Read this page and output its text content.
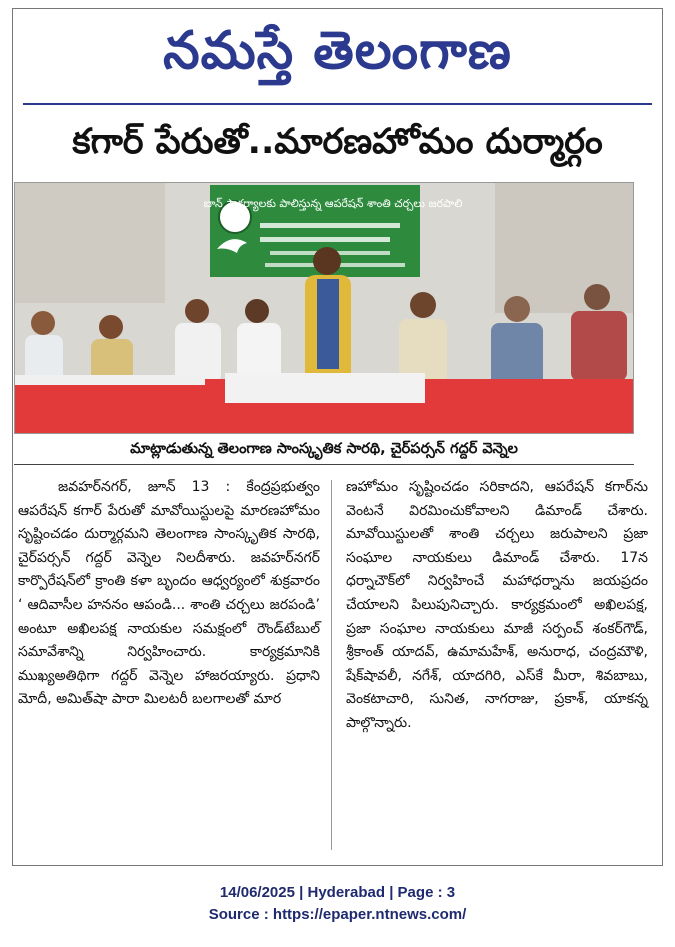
నమస్తే తెలంగాణ
కగార్ పేరుతో..మారణహోమం దుర్మార్గం
బాన్ సౌకర్యాలకు పాలిస్తున్న ఆపరేషన్ శాంతి చర్చలు జరపాలి
మాట్లాడుతున్న తెలంగాణ సాంస్కృతిక సారథి, చైర్‌పర్సన్ గద్దర్ వెన్నెల

జవహర్‌నగర్, జూన్ 13 : కేంద్రప్రభుత్వం ఆపరేషన్ కగార్ పేరుతో మావోయిస్టులపై మారణహోమం సృష్టించడం దుర్మార్గమని తెలంగాణ సాంస్కృతిక సారథి, చైర్‌పర్సన్ గద్దర్ వెన్నెల నిలదీశారు. జవహర్‌నగర్ కార్పొరేషన్‌లో క్రాంతి కళా బృందం ఆధ్వర్యంలో శుక్రవారం ‘ ఆదివాసీల హననం ఆపండి... శాంతి చర్చలు జరపండి’ అంటూ అఖిలపక్ష నాయకుల సమక్షంలో రౌండ్‌టేబుల్ సమావేశాన్ని నిర్వహించారు. కార్యక్రమానికి ముఖ్యఅతిథిగా గద్దర్ వెన్నెల హాజరయ్యారు. ప్రధాని మోదీ, అమిత్‌షా పారా మిలటరీ బలగాలతో మార

ణహోమం సృష్టించడం సరికాదని, ఆపరేషన్ కగార్‌ను వెంటనే విరమించుకోవాలని డిమాండ్ చేశారు. మావోయిస్టులతో శాంతి చర్చలు జరుపాలని ప్రజా సంఘాల నాయకులు డిమాండ్ చేశారు. 17న ధర్నాచౌక్‌లో నిర్వహించే మహాధర్నాను జయప్రదం చేయాలని పిలుపునిచ్చారు. కార్యక్రమంలో అఖిలపక్ష, ప్రజా సంఘాల నాయకులు మాజీ సర్పంచ్ శంకర్‌గౌడ్, శ్రీకాంత్ యాదవ్, ఉమామహేశ్, అనురాధ, చంద్రమౌళి, షేక్‌షావలీ, నగేశ్, యాదగిరి, ఎస్‌కే మీరా, శివబాబు, వెంకటాచారి, సునిత, నాగరాజు, ప్రకాశ్, యాకన్న పాల్గొన్నారు.

14/06/2025 | Hyderabad | Page : 3
Source : https://epaper.ntnews.com/
